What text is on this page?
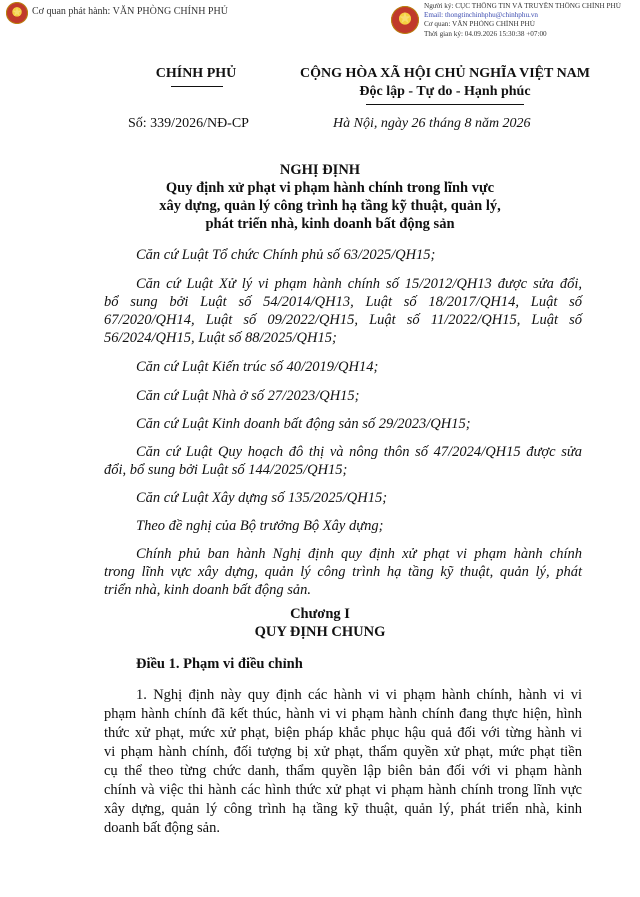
★
Cơ quan phát hành: VĂN PHÒNG CHÍNH PHỦ
★	Người ký: CỤC THÔNG TIN VÀ TRUYỀN THÔNG CHÍNH PHỦ
Email: thongtinchinhphu@chinhphu.vn
Cơ quan: VĂN PHÒNG CHÍNH PHỦ
Thời gian ký: 04.09.2026 15:30:38 +07:00
CHÍNH PHỦ	CỘNG HÒA XÃ HỘI CHỦ NGHĨA VIỆT NAM
Độc lập - Tự do - Hạnh phúc
Số: 339/2026/NĐ-CP	Hà Nội, ngày 26 tháng 8 năm 2026
NGHỊ ĐỊNH
Quy định xử phạt vi phạm hành chính trong lĩnh vực
xây dựng, quản lý công trình hạ tầng kỹ thuật, quản lý,
phát triển nhà, kinh doanh bất động sản
Căn cứ Luật Tổ chức Chính phủ số 63/2025/QH15;
Căn cứ Luật Xử lý vi phạm hành chính số 15/2012/QH13 được sửa đổi,
bổ sung bởi Luật số 54/2014/QH13, Luật số 18/2017/QH14, Luật số
67/2020/QH14, Luật số 09/2022/QH15, Luật số 11/2022/QH15, Luật số
56/2024/QH15, Luật số 88/2025/QH15;
Căn cứ Luật Kiến trúc số 40/2019/QH14;
Căn cứ Luật Nhà ở số 27/2023/QH15;
Căn cứ Luật Kinh doanh bất động sản số 29/2023/QH15;
Căn cứ Luật Quy hoạch đô thị và nông thôn số 47/2024/QH15 được sửa
đổi, bổ sung bởi Luật số 144/2025/QH15;
Căn cứ Luật Xây dựng số 135/2025/QH15;
Theo đề nghị của Bộ trưởng Bộ Xây dựng;
Chính phủ ban hành Nghị định quy định xử phạt vi phạm hành chính
trong lĩnh vực xây dựng, quản lý công trình hạ tầng kỹ thuật, quản lý, phát
triển nhà, kinh doanh bất động sản.
Chương I
QUY ĐỊNH CHUNG
Điều 1. Phạm vi điều chỉnh
1. Nghị định này quy định các hành vi vi phạm hành chính, hành vi vi
phạm hành chính đã kết thúc, hành vi vi phạm hành chính đang thực hiện, hình
thức xử phạt, mức xử phạt, biện pháp khắc phục hậu quả đối với từng hành vi
vi phạm hành chính, đối tượng bị xử phạt, thẩm quyền xử phạt, mức phạt tiền
cụ thể theo từng chức danh, thẩm quyền lập biên bản đối với vi phạm hành
chính và việc thi hành các hình thức xử phạt vi phạm hành chính trong lĩnh vực
xây dựng, quản lý công trình hạ tầng kỹ thuật, quản lý, phát triển nhà, kinh
doanh bất động sản.
